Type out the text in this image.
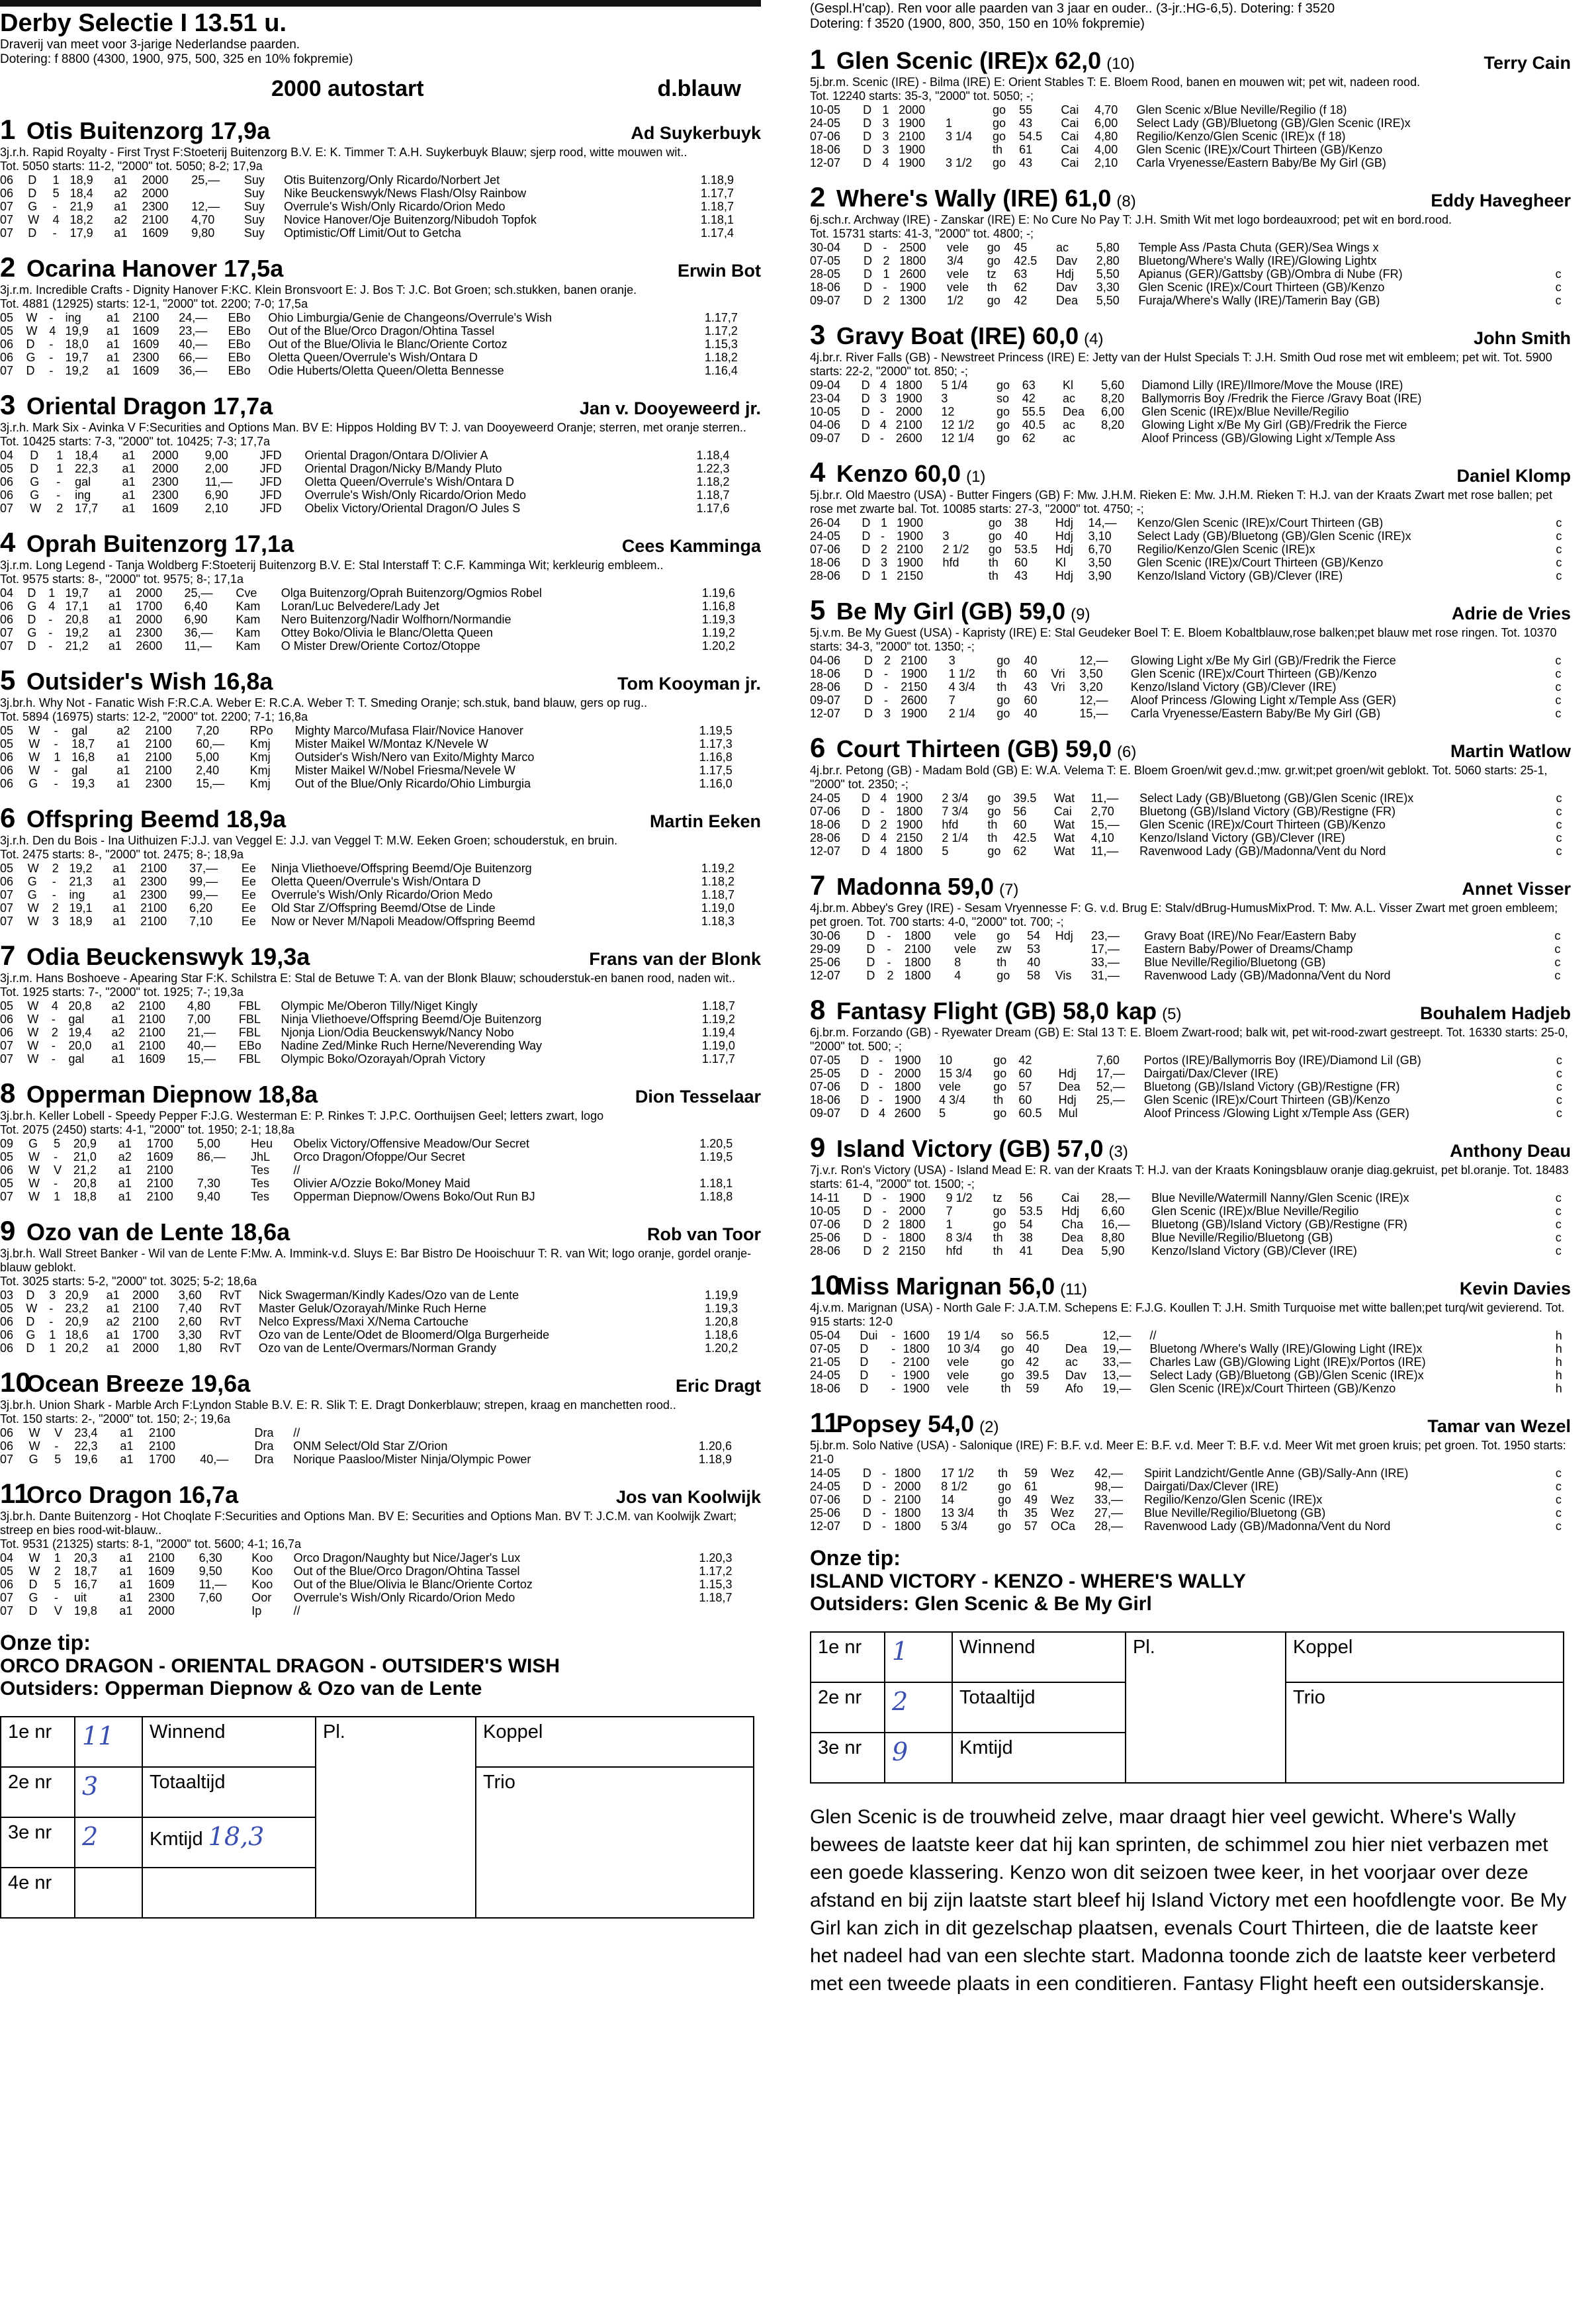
Derby Selectie I 13.51 u.
Draverij van meet voor 3-jarige Nederlandse paarden.
Dotering: f 8800 (4300, 1900, 975, 500, 325 en 10% fokpremie)
2000 autostart	d.blauw
1 Otis Buitenzorg 17,9a	Ad Suykerbuyk
3j.r.h. Rapid Royalty - First Tryst F:Stoeterij Buitenzorg B.V. E: K. Timmer T: A.H. Suykerbuyk Blauw; sjerp rood, witte mouwen wit..
Tot. 5050 starts: 11-2, "2000" tot. 5050; 8-2; 17,9a
06	D	1	18,9	a1	2000	25,—	Suy	Otis Buitenzorg/Only Ricardo/Norbert Jet	1.18,9
06	D	5	18,4	a2	2000		Suy	Nike Beuckenswyk/News Flash/Olsy Rainbow	1.17,7
07	G	-	21,9	a1	2300	12,—	Suy	Overrule's Wish/Only Ricardo/Orion Medo	1.18,7
07	W	4	18,2	a2	2100	4,70	Suy	Novice Hanover/Oje Buitenzorg/Nibudoh Topfok	1.18,1
07	D	-	17,9	a1	1609	9,80	Suy	Optimistic/Off Limit/Out to Getcha	1.17,4
2 Ocarina Hanover 17,5a	Erwin Bot
3j.r.m. Incredible Crafts - Dignity Hanover F:KC. Klein Bronsvoort E: J. Bos T: J.C. Bot Groen; sch.stukken, banen oranje.
Tot. 4881 (12925) starts: 12-1, "2000" tot. 2200; 7-0; 17,5a
05	W	-	ing	a1	2100	24,—	EBo	Ohio Limburgia/Genie de Changeons/Overrule's Wish	1.17,7
05	W	4	19,9	a1	1609	23,—	EBo	Out of the Blue/Orco Dragon/Ohtina Tassel	1.17,2
06	D	-	18,0	a1	1609	40,—	EBo	Out of the Blue/Olivia le Blanc/Oriente Cortoz	1.15,3
06	G	-	19,7	a1	2300	66,—	EBo	Oletta Queen/Overrule's Wish/Ontara D	1.18,2
07	D	-	19,2	a1	1609	36,—	EBo	Odie Huberts/Oletta Queen/Oletta Bennesse	1.16,4
3 Oriental Dragon 17,7a	Jan v. Dooyeweerd jr.
3j.r.h. Mark Six - Avinka V F:Securities and Options Man. BV E: Hippos Holding BV T: J. van Dooyeweerd Oranje; sterren, met oranje sterren..
Tot. 10425 starts: 7-3, "2000" tot. 10425; 7-3; 17,7a
04	D	1	18,4	a1	2000	9,00	JFD	Oriental Dragon/Ontara D/Olivier A	1.18,4
05	D	1	22,3	a1	2000	2,00	JFD	Oriental Dragon/Nicky B/Mandy Pluto	1.22,3
06	G	-	gal	a1	2300	11,—	JFD	Oletta Queen/Overrule's Wish/Ontara D	1.18,2
06	G	-	ing	a1	2300	6,90	JFD	Overrule's Wish/Only Ricardo/Orion Medo	1.18,7
07	W	2	17,7	a1	1609	2,10	JFD	Obelix Victory/Oriental Dragon/O Jules S	1.17,6
4 Oprah Buitenzorg 17,1a	Cees Kamminga
3j.r.m. Long Legend - Tanja Woldberg F:Stoeterij Buitenzorg B.V. E: Stal Interstaff T: C.F. Kamminga Wit; kerkleurig embleem..
Tot. 9575 starts: 8-, "2000" tot. 9575; 8-; 17,1a
04	D	1	19,7	a1	2000	25,—	Cve	Olga Buitenzorg/Oprah Buitenzorg/Ogmios Robel	1.19,6
06	G	4	17,1	a1	1700	6,40	Kam	Loran/Luc Belvedere/Lady Jet	1.16,8
06	D	-	20,8	a1	2000	6,90	Kam	Nero Buitenzorg/Nadir Wolfhorn/Normandie	1.19,3
07	G	-	19,2	a1	2300	36,—	Kam	Ottey Boko/Olivia le Blanc/Oletta Queen	1.19,2
07	D	-	21,2	a1	2600	11,—	Kam	O Mister Drew/Oriente Cortoz/Otoppe	1.20,2
5 Outsider's Wish 16,8a	Tom Kooyman jr.
3j.br.h. Why Not - Fanatic Wish F:R.C.A. Weber E: R.C.A. Weber T: T. Smeding Oranje; sch.stuk, band blauw, gers op rug..
Tot. 5894 (16975) starts: 12-2, "2000" tot. 2200; 7-1; 16,8a
05	W	-	gal	a2	2100	7,20	RPo	Mighty Marco/Mufasa Flair/Novice Hanover	1.19,5
05	W	-	18,7	a1	2100	60,—	Kmj	Mister Maikel W/Montaz K/Nevele W	1.17,3
06	W	1	16,8	a1	2100	5,00	Kmj	Outsider's Wish/Nero van Exito/Mighty Marco	1.16,8
06	W	-	gal	a1	2100	2,40	Kmj	Mister Maikel W/Nobel Friesma/Nevele W	1.17,5
06	G	-	19,3	a1	2300	15,—	Kmj	Out of the Blue/Only Ricardo/Ohio Limburgia	1.16,0
6 Offspring Beemd 18,9a	Martin Eeken
3j.r.h. Den du Bois - Ina Uithuizen F:J.J. van Veggel E: J.J. van Veggel T: M.W. Eeken Groen; schouderstuk, en bruin.
Tot. 2475 starts: 8-, "2000" tot. 2475; 8-; 18,9a
05	W	2	19,2	a1	2100	37,—	Ee	Ninja Vliethoeve/Offspring Beemd/Oje Buitenzorg	1.19,2
06	G	-	21,3	a1	2300	99,—	Ee	Oletta Queen/Overrule's Wish/Ontara D	1.18,2
07	G	-	ing	a1	2300	99,—	Ee	Overrule's Wish/Only Ricardo/Orion Medo	1.18,7
07	W	2	19,1	a1	2100	6,20	Ee	Old Star Z/Offspring Beemd/Otse de Linde	1.19,0
07	W	3	18,9	a1	2100	7,10	Ee	Now or Never M/Napoli Meadow/Offspring Beemd	1.18,3
7 Odia Beuckenswyk 19,3a	Frans van der Blonk
3j.r.m. Hans Boshoeve - Apearing Star F:K. Schilstra E: Stal de Betuwe T: A. van der Blonk Blauw; schouderstuk-en banen rood, naden wit..
Tot. 1925 starts: 7-, "2000" tot. 1925; 7-; 19,3a
05	W	4	20,8	a2	2100	4,80	FBL	Olympic Me/Oberon Tilly/Niget Kingly	1.18,7
06	W	-	gal	a1	2100	7,00	FBL	Ninja Vliethoeve/Offspring Beemd/Oje Buitenzorg	1.19,2
06	W	2	19,4	a2	2100	21,—	FBL	Njonja Lion/Odia Beuckenswyk/Nancy Nobo	1.19,4
07	W	-	20,0	a1	2100	40,—	EBo	Nadine Zed/Minke Ruch Herne/Neverending Way	1.19,0
07	W	-	gal	a1	1609	15,—	FBL	Olympic Boko/Ozorayah/Oprah Victory	1.17,7
8 Opperman Diepnow 18,8a	Dion Tesselaar
3j.br.h. Keller Lobell - Speedy Pepper F:J.G. Westerman E: P. Rinkes T: J.P.C. Oorthuijsen Geel; letters zwart, logo
Tot. 2075 (2450) starts: 4-1, "2000" tot. 1950; 2-1; 18,8a
09	G	5	20,9	a1	1700	5,00	Heu	Obelix Victory/Offensive Meadow/Our Secret	1.20,5
05	W	-	21,0	a2	1609	86,—	JhL	Orco Dragon/Ofoppe/Our Secret	1.19,5
06	W	V	21,2	a1	2100		Tes	//	
05	W	-	20,8	a1	2100	7,30	Tes	Olivier A/Ozzie Boko/Money Maid	1.18,1
07	W	1	18,8	a1	2100	9,40	Tes	Opperman Diepnow/Owens Boko/Out Run BJ	1.18,8
9 Ozo van de Lente 18,6a	Rob van Toor
3j.br.h. Wall Street Banker - Wil van de Lente F:Mw. A. Immink-v.d. Sluys E: Bar Bistro De Hooischuur T: R. van Wit; logo oranje, gordel oranje-blauw geblokt.
Tot. 3025 starts: 5-2, "2000" tot. 3025; 5-2; 18,6a
03	D	3	20,9	a1	2000	3,60	RvT	Nick Swagerman/Kindly Kades/Ozo van de Lente	1.19,9
05	W	-	23,2	a1	2100	7,40	RvT	Master Geluk/Ozorayah/Minke Ruch Herne	1.19,3
06	D	-	20,9	a2	2100	2,60	RvT	Nelco Express/Maxi X/Nema Cartouche	1.20,8
06	G	1	18,6	a1	1700	3,30	RvT	Ozo van de Lente/Odet de Bloomerd/Olga Burgerheide	1.18,6
06	D	1	20,2	a1	2000	1,80	RvT	Ozo van de Lente/Overmars/Norman Grandy	1.20,2
10
Ocean Breeze 19,6a	Eric Dragt
3j.br.h. Union Shark - Marble Arch F:Lyndon Stable B.V. E: R. Slik T: E. Dragt Donkerblauw; strepen, kraag en manchetten rood..
Tot. 150 starts: 2-, "2000" tot. 150; 2-; 19,6a
06	W	V	23,4	a1	2100		Dra	//	
06	W	-	22,3	a1	2100		Dra	ONM Select/Old Star Z/Orion	1.20,6
07	G	5	19,6	a1	1700	40,—	Dra	Norique Paasloo/Mister Ninja/Olympic Power	1.18,9
11
Orco Dragon 16,7a	Jos van Koolwijk
3j.br.h. Dante Buitenzorg - Hot Choqlate F:Securities and Options Man. BV E: Securities and Options Man. BV T: J.C.M. van Koolwijk Zwart; streep en bies rood-wit-blauw..
Tot. 9531 (21325) starts: 8-1, "2000" tot. 5600; 4-1; 16,7a
04	W	1	20,3	a1	2100	6,30	Koo	Orco Dragon/Naughty but Nice/Jager's Lux	1.20,3
05	W	2	18,7	a1	1609	9,50	Koo	Out of the Blue/Orco Dragon/Ohtina Tassel	1.17,2
06	D	5	16,7	a1	1609	11,—	Koo	Out of the Blue/Olivia le Blanc/Oriente Cortoz	1.15,3
07	G	-	uit	a1	2300	7,60	Oor	Overrule's Wish/Only Ricardo/Orion Medo	1.18,7
07	D	V	19,8	a1	2000		Ip	//	
Onze tip:
ORCO DRAGON - ORIENTAL DRAGON - OUTSIDER'S WISH
Outsiders: Opperman Diepnow & Ozo van de Lente
1e nr	11	Winnend	Pl.	Koppel
2e nr	3	Totaaltijd		Trio
3e nr	2	Kmtijd 18,3		
4e nr				
(Gespl.H'cap). Ren voor alle paarden van 3 jaar en ouder.. (3-jr.:HG-6,5). Dotering: f 3520
Dotering: f 3520 (1900, 800, 350, 150 en 10% fokpremie)
1 Glen Scenic (IRE)x 62,0 (10)	Terry Cain
5j.br.m. Scenic (IRE) - Bilma (IRE) E: Orient Stables T: E. Bloem Rood, banen en mouwen wit; pet wit, nadeen rood.
Tot. 12240 starts: 35-3, "2000" tot. 5050; -;
10-05	D	1	2000		go	55	Cai	4,70	Glen Scenic x/Blue Neville/Regilio (f 18)	
24-05	D	3	1900	1	go	43	Cai	6,00	Select Lady (GB)/Bluetong (GB)/Glen Scenic (IRE)x	
07-06	D	3	2100	3 1/4	go	54.5	Cai	4,80	Regilio/Kenzo/Glen Scenic (IRE)x (f 18)	
18-06	D	3	1900		th	61	Cai	4,00	Glen Scenic (IRE)x/Court Thirteen (GB)/Kenzo	
12-07	D	4	1900	3 1/2	go	43	Cai	2,10	Carla Vryenesse/Eastern Baby/Be My Girl (GB)	
2 Where's Wally (IRE) 61,0 (8)	Eddy Havegheer
6j.sch.r. Archway (IRE) - Zanskar (IRE) E: No Cure No Pay T: J.H. Smith Wit met logo bordeauxrood; pet wit en bord.rood.
Tot. 15731 starts: 41-3, "2000" tot. 4800; -;
30-04	D	-	2500	vele	go	45	ac	5,80	Temple Ass /Pasta Chuta (GER)/Sea Wings x	
07-05	D	2	1800	3/4	go	42.5	Dav	2,80	Bluetong/Where's Wally (IRE)/Glowing Lightx	
28-05	D	1	2600	vele	tz	63	Hdj	5,50	Apianus (GER)/Gattsby (GB)/Ombra di Nube (FR)	c
18-06	D	-	1900	vele	th	62	Dav	3,30	Glen Scenic (IRE)x/Court Thirteen (GB)/Kenzo	c
09-07	D	2	1300	1/2	go	42	Dea	5,50	Furaja/Where's Wally (IRE)/Tamerin Bay (GB)	c
3 Gravy Boat (IRE) 60,0 (4)	John Smith
4j.br.r. River Falls (GB) - Newstreet Princess (IRE) E: Jetty van der Hulst Specials T: J.H. Smith Oud rose met wit embleem; pet wit. Tot. 5900 starts: 22-2, "2000" tot. 850; -;
09-04	D	4	1800	5 1/4	go	63	Kl	5,60	Diamond Lilly (IRE)/Ilmore/Move the Mouse (IRE)	
23-04	D	3	1900	3	so	42	ac	8,20	Ballymorris Boy /Fredrik the Fierce /Gravy Boat (IRE)	
10-05	D	-	2000	12	go	55.5	Dea	6,00	Glen Scenic (IRE)x/Blue Neville/Regilio	
04-06	D	4	2100	12 1/2	go	40.5	ac	8,20	Glowing Light x/Be My Girl (GB)/Fredrik the Fierce	
09-07	D	-	2600	12 1/4	go	62	ac		Aloof Princess (GB)/Glowing Light x/Temple Ass	
4 Kenzo 60,0 (1)	Daniel Klomp
5j.br.r. Old Maestro (USA) - Butter Fingers (GB) F: Mw. J.H.M. Rieken E: Mw. J.H.M. Rieken T: H.J. van der Kraats Zwart met rose ballen; pet rose met zwarte bal. Tot. 10085 starts: 27-3, "2000" tot. 4750; -;
26-04	D	1	1900		go	38	Hdj	14,—	Kenzo/Glen Scenic (IRE)x/Court Thirteen (GB)	c
24-05	D	-	1900	3	go	40	Hdj	3,10	Select Lady (GB)/Bluetong (GB)/Glen Scenic (IRE)x	c
07-06	D	2	2100	2 1/2	go	53.5	Hdj	6,70	Regilio/Kenzo/Glen Scenic (IRE)x	c
18-06	D	3	1900	hfd	th	60	Kl	3,50	Glen Scenic (IRE)x/Court Thirteen (GB)/Kenzo	c
28-06	D	1	2150		th	43	Hdj	3,90	Kenzo/Island Victory (GB)/Clever (IRE)	c
5 Be My Girl (GB) 59,0 (9)	Adrie de Vries
5j.v.m. Be My Guest (USA) - Kapristy (IRE) E: Stal Geudeker Boel T: E. Bloem Kobaltblauw,rose balken;pet blauw met rose ringen. Tot. 10370 starts: 34-3, "2000" tot. 1350; -;
04-06	D	2	2100	3	go	40		12,—	Glowing Light x/Be My Girl (GB)/Fredrik the Fierce	c
18-06	D	-	1900	1 1/2	th	60	Vri	3,50	Glen Scenic (IRE)x/Court Thirteen (GB)/Kenzo	c
28-06	D	-	2150	4 3/4	th	43	Vri	3,20	Kenzo/Island Victory (GB)/Clever (IRE)	c
09-07	D	-	2600	7	go	60		12,—	Aloof Princess /Glowing Light x/Temple Ass (GER)	c
12-07	D	3	1900	2 1/4	go	40		15,—	Carla Vryenesse/Eastern Baby/Be My Girl (GB)	c
6 Court Thirteen (GB) 59,0 (6)	Martin Watlow
4j.br.r. Petong (GB) - Madam Bold (GB) E: W.A. Velema T: E. Bloem Groen/wit gev.d.;mw. gr.wit;pet groen/wit geblokt. Tot. 5060 starts: 25-1, "2000" tot. 2350; -;
24-05	D	4	1900	2 3/4	go	39.5	Wat	11,—	Select Lady (GB)/Bluetong (GB)/Glen Scenic (IRE)x	c
07-06	D	-	1800	7 3/4	go	56	Cai	2,70	Bluetong (GB)/Island Victory (GB)/Restigne (FR)	c
18-06	D	2	1900	hfd	th	60	Wat	15,—	Glen Scenic (IRE)x/Court Thirteen (GB)/Kenzo	c
28-06	D	4	2150	2 1/4	th	42.5	Wat	4,10	Kenzo/Island Victory (GB)/Clever (IRE)	c
12-07	D	4	1800	5	go	62	Wat	11,—	Ravenwood Lady (GB)/Madonna/Vent du Nord	c
7 Madonna 59,0 (7)	Annet Visser
4j.br.m. Abbey's Grey (IRE) - Sesam Vryennesse F: G. v.d. Brug E: Stalv/dBrug-HumusMixProd. T: Mw. A.L. Visser Zwart met groen embleem; pet groen. Tot. 700 starts: 4-0, "2000" tot. 700; -;
30-06	D	-	1800	vele	go	54	Hdj	23,—	Gravy Boat (IRE)/No Fear/Eastern Baby	c
29-09	D	-	2100	vele	zw	53		17,—	Eastern Baby/Power of Dreams/Champ	c
25-06	D	-	1800	8	th	40		33,—	Blue Neville/Regilio/Bluetong (GB)	c
12-07	D	2	1800	4	go	58	Vis	31,—	Ravenwood Lady (GB)/Madonna/Vent du Nord	c
8 Fantasy Flight (GB) 58,0 kap (5)	Bouhalem Hadjeb
6j.br.m. Forzando (GB) - Ryewater Dream (GB) E: Stal 13 T: E. Bloem Zwart-rood; balk wit, pet wit-rood-zwart gestreept. Tot. 16330 starts: 25-0, "2000" tot. 500; -;
07-05	D	-	1900	10	go	42		7,60	Portos (IRE)/Ballymorris Boy (IRE)/Diamond Lil (GB)	c
25-05	D	-	2000	15 3/4	go	60	Hdj	17,—	Dairgati/Dax/Clever (IRE)	c
07-06	D	-	1800	vele	go	57	Dea	52,—	Bluetong (GB)/Island Victory (GB)/Restigne (FR)	c
18-06	D	-	1900	4 3/4	th	60	Hdj	25,—	Glen Scenic (IRE)x/Court Thirteen (GB)/Kenzo	c
09-07	D	4	2600	5	go	60.5	Mul		Aloof Princess /Glowing Light x/Temple Ass (GER)	c
9 Island Victory (GB) 57,0 (3)	Anthony Deau
7j.v.r. Ron's Victory (USA) - Island Mead E: R. van der Kraats T: H.J. van der Kraats Koningsblauw oranje diag.gekruist, pet bl.oranje. Tot. 18483 starts: 61-4, "2000" tot. 1500; -;
14-11	D	-	1900	9 1/2	tz	56	Cai	28,—	Blue Neville/Watermill Nanny/Glen Scenic (IRE)x	c
10-05	D	-	2000	7	go	53.5	Hdj	6,60	Glen Scenic (IRE)x/Blue Neville/Regilio	c
07-06	D	2	1800	1	go	54	Cha	16,—	Bluetong (GB)/Island Victory (GB)/Restigne (FR)	c
25-06	D	-	1800	8 3/4	th	38	Dea	8,80	Blue Neville/Regilio/Bluetong (GB)	c
28-06	D	2	2150	hfd	th	41	Dea	5,90	Kenzo/Island Victory (GB)/Clever (IRE)	c
10
Miss Marignan 56,0 (11)	Kevin Davies
4j.v.m. Marignan (USA) - North Gale F: J.A.T.M. Schepens E: F.J.G. Koullen T: J.H. Smith Turquoise met witte ballen;pet turq/wit gevierend. Tot. 915 starts: 12-0
05-04	Dui	-	1600	19 1/4	so	56.5		12,—	//	h
07-05	D	-	1800	10 3/4	go	40	Dea	19,—	Bluetong /Where's Wally (IRE)/Glowing Light (IRE)x	h
21-05	D	-	2100	vele	go	42	ac	33,—	Charles Law (GB)/Glowing Light (IRE)x/Portos (IRE)	h
24-05	D	-	1900	vele	go	39.5	Dav	13,—	Select Lady (GB)/Bluetong (GB)/Glen Scenic (IRE)x	h
18-06	D	-	1900	vele	th	59	Afo	19,—	Glen Scenic (IRE)x/Court Thirteen (GB)/Kenzo	h
11
Popsey 54,0 (2)	Tamar van Wezel
5j.br.m. Solo Native (USA) - Salonique (IRE) F: B.F. v.d. Meer E: B.F. v.d. Meer T: B.F. v.d. Meer Wit met groen kruis; pet groen. Tot. 1950 starts: 21-0
14-05	D	-	1800	17 1/2	th	59	Wez	42,—	Spirit Landzicht/Gentle Anne (GB)/Sally-Ann (IRE)	c
24-05	D	-	2000	8 1/2	go	61		98,—	Dairgati/Dax/Clever (IRE)	c
07-06	D	-	2100	14	go	49	Wez	33,—	Regilio/Kenzo/Glen Scenic (IRE)x	c
25-06	D	-	1800	13 3/4	th	35	Wez	27,—	Blue Neville/Regilio/Bluetong (GB)	c
12-07	D	-	1800	5 3/4	go	57	OCa	28,—	Ravenwood Lady (GB)/Madonna/Vent du Nord	c
Onze tip:
ISLAND VICTORY - KENZO - WHERE'S WALLY
Outsiders: Glen Scenic & Be My Girl
1e nr	1	Winnend	Pl.	Koppel
2e nr	2	Totaaltijd		Trio
3e nr	9	Kmtijd		
Glen Scenic is de trouwheid zelve, maar draagt hier veel gewicht. Where's Wally bewees de laatste keer dat hij kan sprinten, de schimmel zou hier niet verbazen met een goede klassering. Kenzo won dit seizoen twee keer, in het voorjaar over deze afstand en bij zijn laatste start bleef hij Island Victory met een hoofdlengte voor. Be My Girl kan zich in dit gezelschap plaatsen, evenals Court Thirteen, die de laatste keer het nadeel had van een slechte start. Madonna toonde zich de laatste keer verbeterd met een tweede plaats in een conditieren. Fantasy Flight heeft een outsiderskansje.
